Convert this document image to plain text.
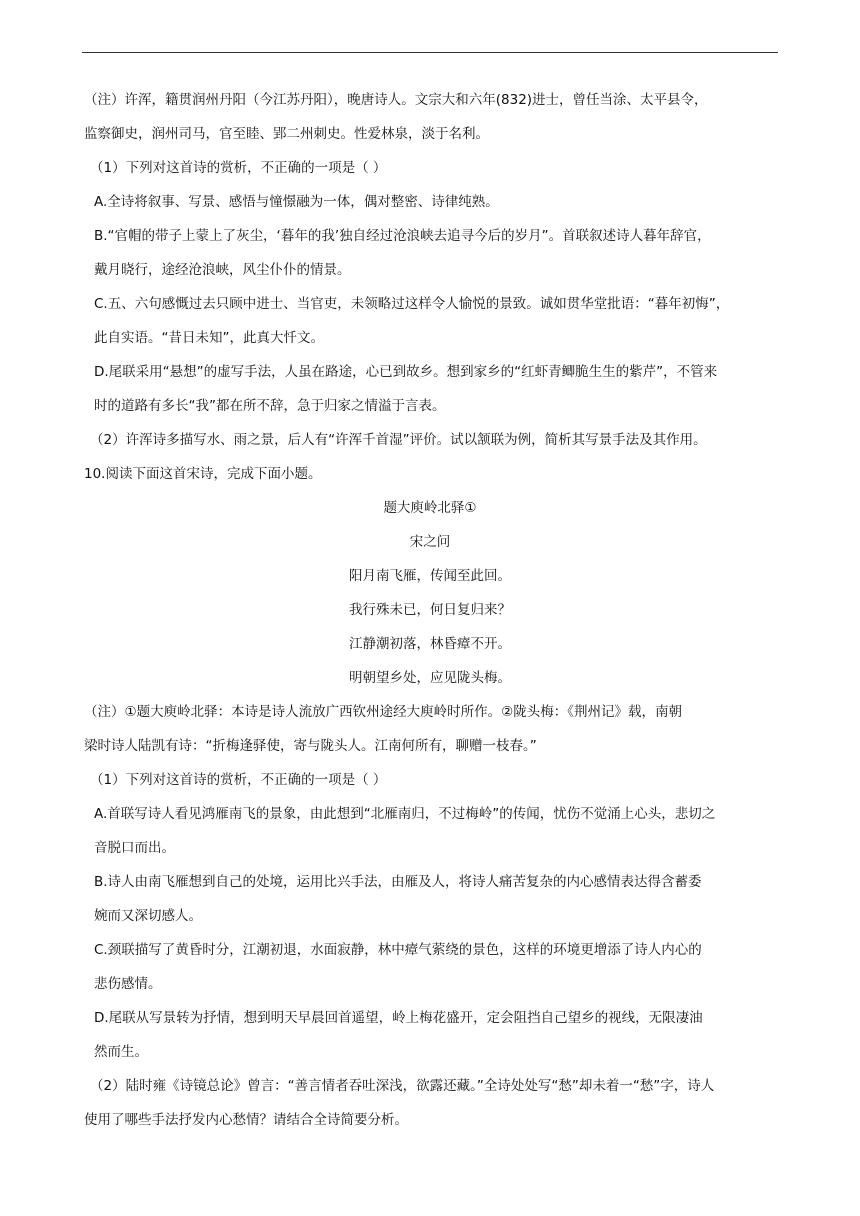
（注）许浑，籍贯润州丹阳（今江苏丹阳），晚唐诗人。文宗大和六年(832)进士，曾任当涂、太平县令，
监察御史，润州司马，官至睦、郢二州刺史。性爱林泉，淡于名利。
（1）下列对这首诗的赏析，不正确的一项是（ ）
A.全诗将叙事、写景、感悟与憧憬融为一体，偶对整密、诗律纯熟。
B.“官帽的带子上蒙上了灰尘，‘暮年的我’独自经过沧浪峡去追寻今后的岁月”。首联叙述诗人暮年辞官，
戴月晓行，途经沧浪峡，风尘仆仆的情景。
C.五、六句感慨过去只顾中进士、当官吏，未领略过这样令人愉悦的景致。诚如贯华堂批语：“暮年初悔”，
此自实语。“昔日未知”，此真大忏文。
D.尾联采用“悬想”的虚写手法，人虽在路途，心已到故乡。想到家乡的“红虾青鲫脆生生的紫芹”，不管来
时的道路有多长“我”都在所不辞，急于归家之情溢于言表。
（2）许浑诗多描写水、雨之景，后人有“许浑千首湿”评价。试以颔联为例，简析其写景手法及其作用。
10.阅读下面这首宋诗，完成下面小题。
题大庾岭北驿①
宋之问
阳月南飞雁，传闻至此回。
我行殊未已，何日复归来？
江静潮初落，林昏瘴不开。
明朝望乡处，应见陇头梅。
（注）①题大庾岭北驿：本诗是诗人流放广西钦州途经大庾岭时所作。②陇头梅：《荆州记》载，南朝
梁时诗人陆凯有诗：“折梅逢驿使，寄与陇头人。江南何所有，聊赠一枝春。”
（1）下列对这首诗的赏析，不正确的一项是（ ）
A.首联写诗人看见鸿雁南飞的景象，由此想到“北雁南归，不过梅岭”的传闻，忧伤不觉涌上心头，悲切之
音脱口而出。
B.诗人由南飞雁想到自己的处境，运用比兴手法，由雁及人，将诗人痛苦复杂的内心感情表达得含蓄委
婉而又深切感人。
C.颈联描写了黄昏时分，江潮初退，水面寂静，林中瘴气萦绕的景色，这样的环境更增添了诗人内心的
悲伤感情。
D.尾联从写景转为抒情，想到明天早晨回首遥望，岭上梅花盛开，定会阻挡自己望乡的视线，无限凄油
然而生。
（2）陆时雍《诗镜总论》曾言：“善言情者吞吐深浅，欲露还藏。”全诗处处写“愁”却未着一“愁”字，诗人
使用了哪些手法抒发内心愁情？请结合全诗简要分析。
